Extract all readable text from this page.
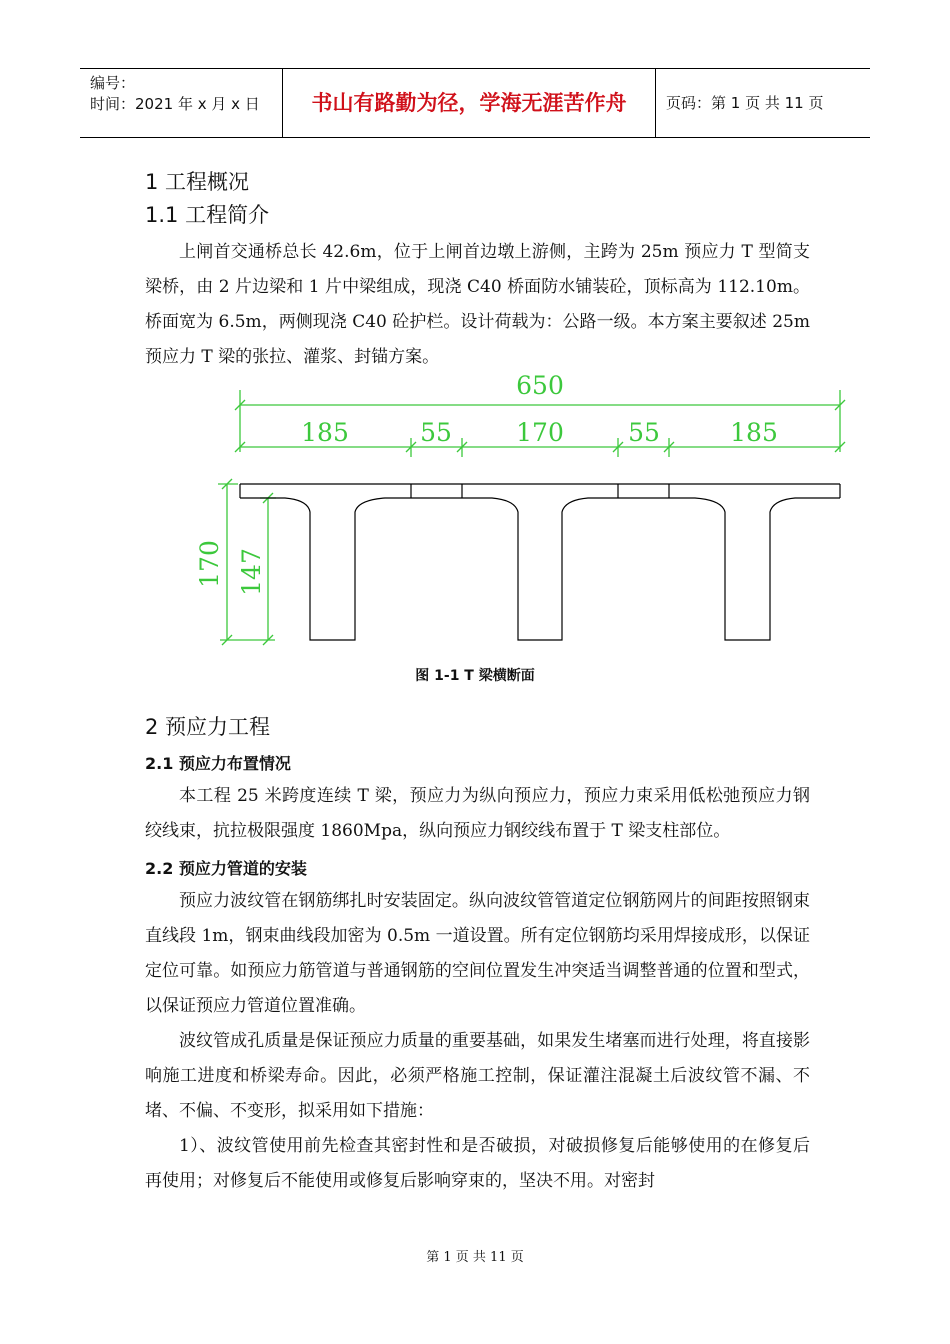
编号：
时间：2021 年 x 月 x 日	书山有路勤为径，学海无涯苦作舟	页码：第 1 页 共 11 页
1 工程概况
1.1 工程简介

上闸首交通桥总长 42.6m，位于上闸首边墩上游侧，主跨为 25m 预应力 T 型简支梁桥，由 2 片边梁和 1 片中梁组成，现浇 C40 桥面防水铺装砼，顶标高为 112.10m。桥面宽为 6.5m，两侧现浇 C40 砼护栏。设计荷载为：公路一级。本方案主要叙述 25m 预应力 T 梁的张拉、灌浆、封锚方案。

650
185	55	170	55	185
170 147
图 1-1 T 梁横断面
2 预应力工程
2.1 预应力布置情况

本工程 25 米跨度连续 T 梁，预应力为纵向预应力，预应力束采用低松弛预应力钢绞线束，抗拉极限强度 1860Mpa，纵向预应力钢绞线布置于 T 梁支柱部位。

2.2 预应力管道的安装

预应力波纹管在钢筋绑扎时安装固定。纵向波纹管管道定位钢筋网片的间距按照钢束直线段 1m，钢束曲线段加密为 0.5m 一道设置。所有定位钢筋均采用焊接成形，以保证定位可靠。如预应力筋管道与普通钢筋的空间位置发生冲突适当调整普通的位置和型式，以保证预应力管道位置准确。

波纹管成孔质量是保证预应力质量的重要基础，如果发生堵塞而进行处理，将直接影响施工进度和桥梁寿命。因此，必须严格施工控制，保证灌注混凝土后波纹管不漏、不堵、不偏、不变形，拟采用如下措施：

1）、波纹管使用前先检查其密封性和是否破损，对破损修复后能够使用的在修复后再使用；对修复后不能使用或修复后影响穿束的，坚决不用。对密封

第 1 页 共 11 页
